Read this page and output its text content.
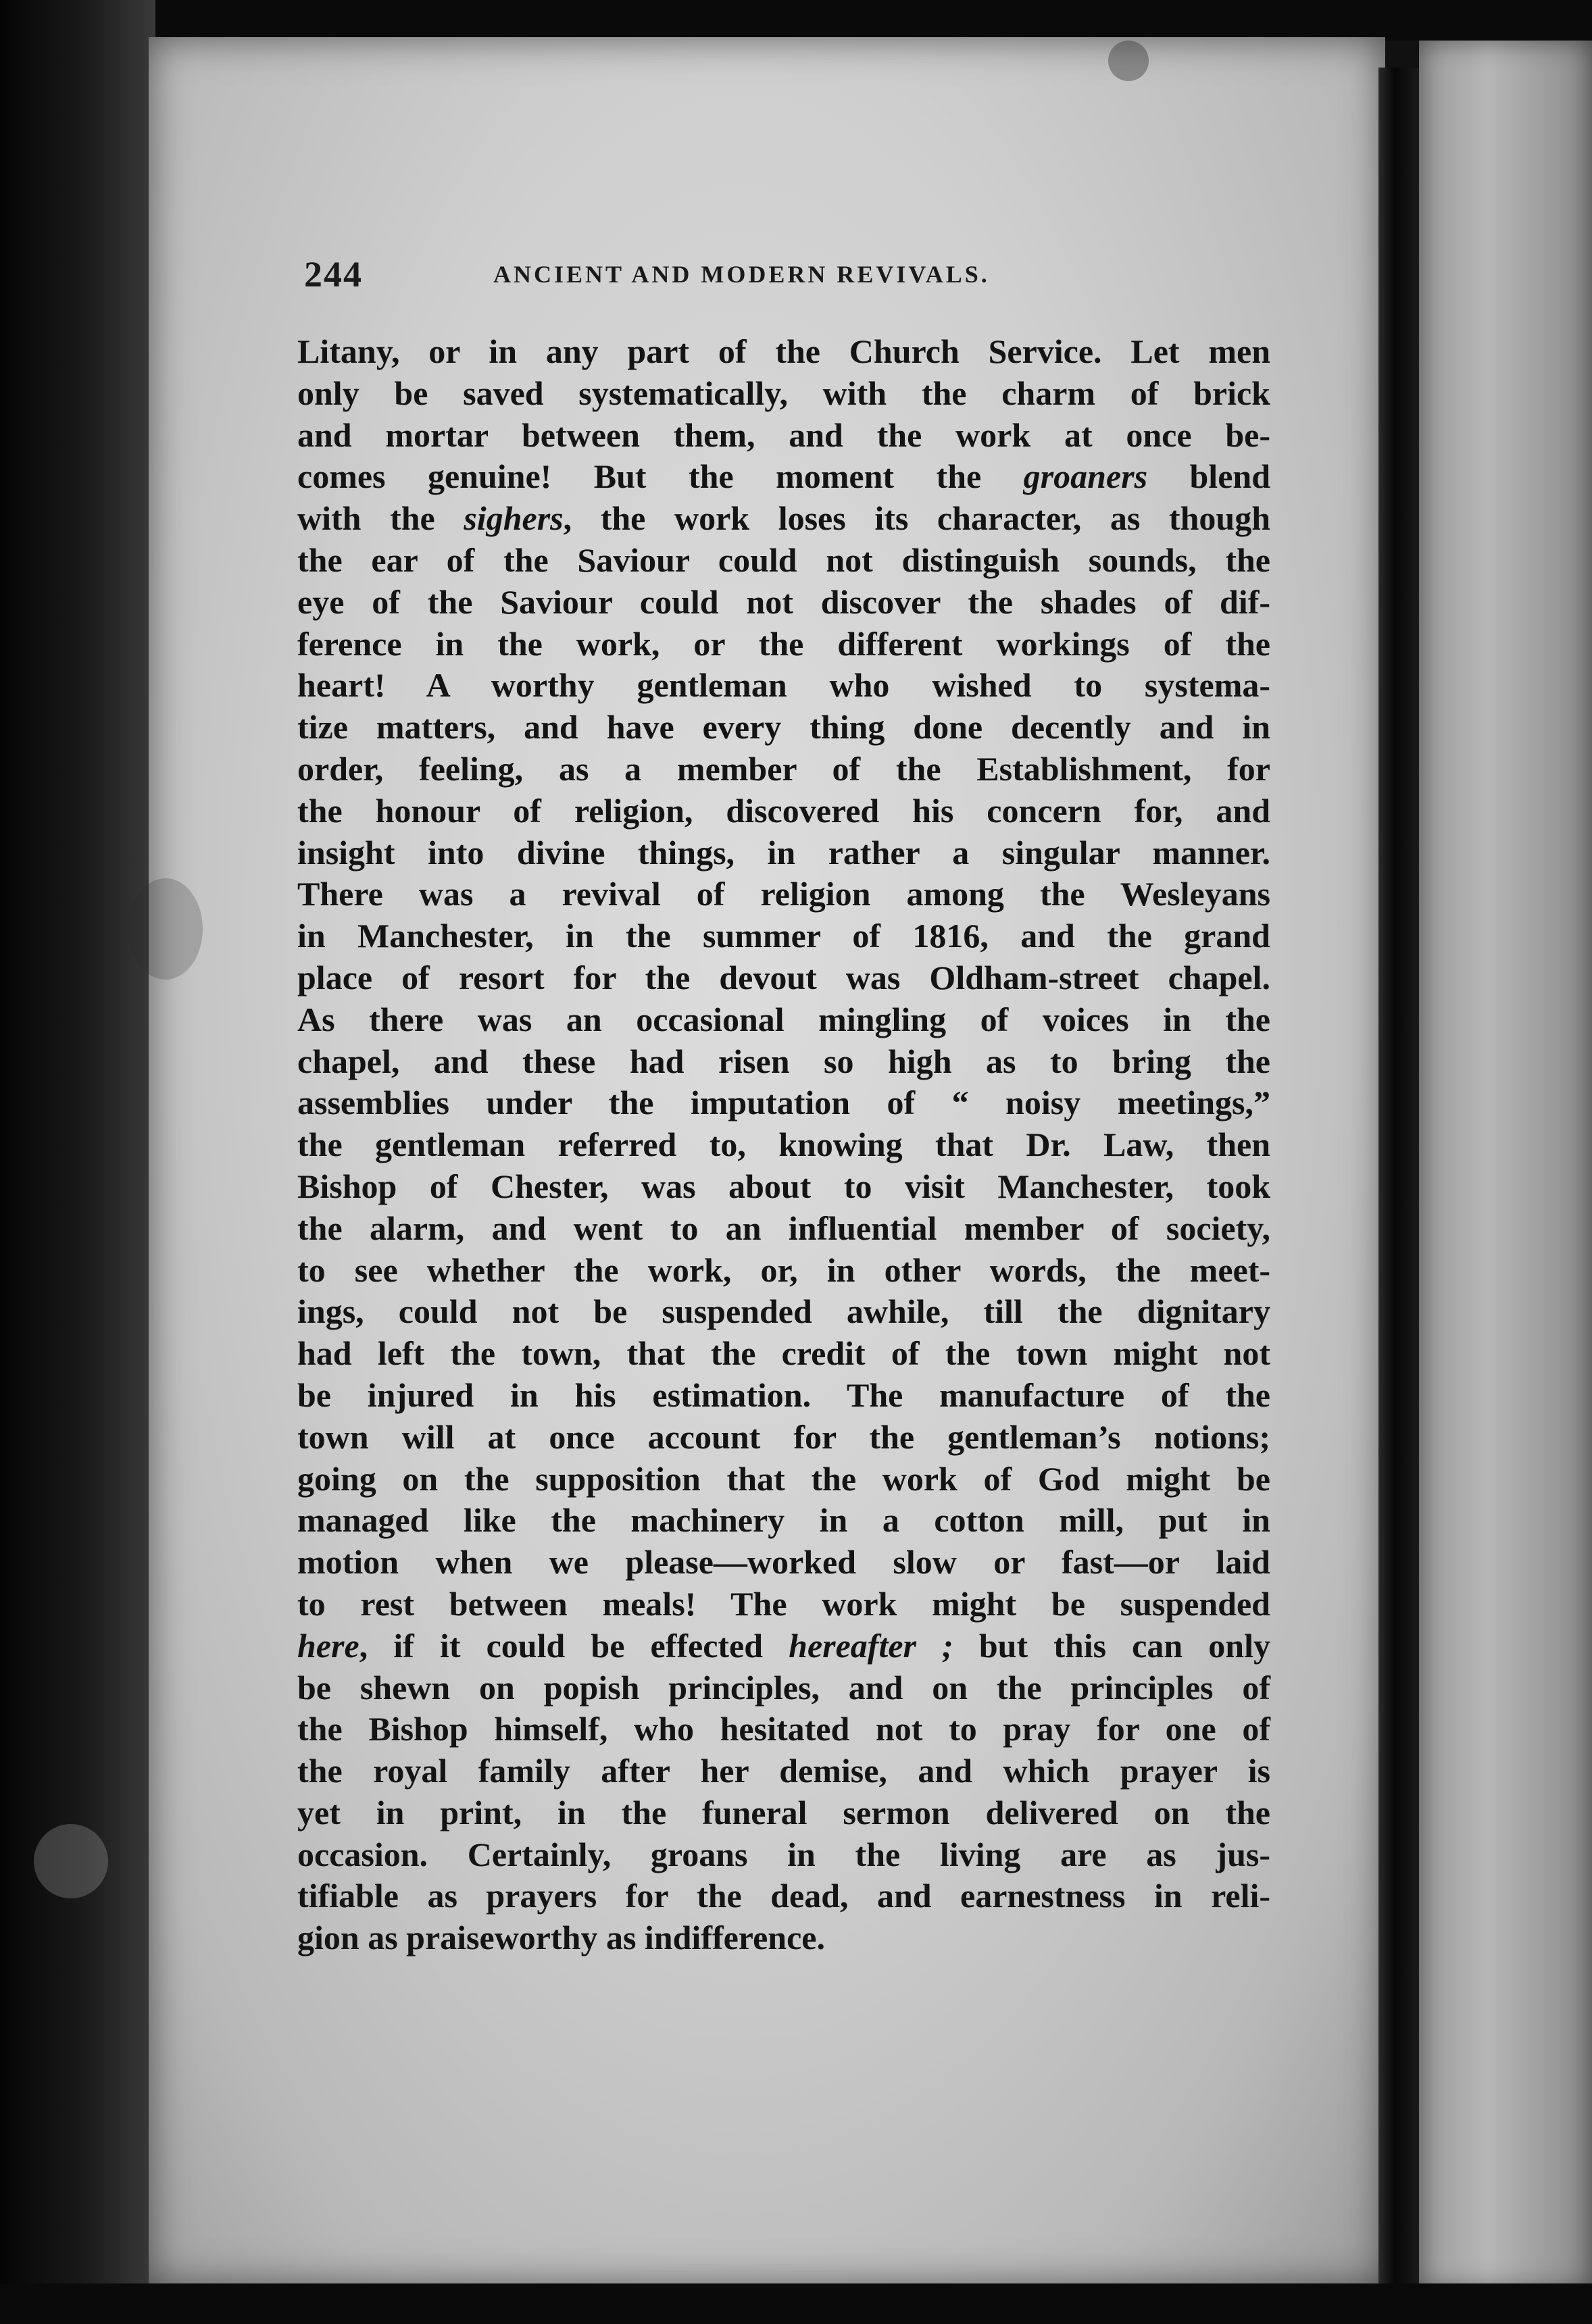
244	ANCIENT AND MODERN REVIVALS.
Litany, or in any part of the Church Service. Let men
only be saved systematically, with the charm of brick
and mortar between them, and the work at once be-
comes genuine! But the moment the groaners blend
with the sighers, the work loses its character, as though
the ear of the Saviour could not distinguish sounds, the
eye of the Saviour could not discover the shades of dif-
ference in the work, or the different workings of the
heart! A worthy gentleman who wished to systema-
tize matters, and have every thing done decently and in
order, feeling, as a member of the Establishment, for
the honour of religion, discovered his concern for, and
insight into divine things, in rather a singular manner.
There was a revival of religion among the Wesleyans
in Manchester, in the summer of 1816, and the grand
place of resort for the devout was Oldham-street chapel.
As there was an occasional mingling of voices in the
chapel, and these had risen so high as to bring the
assemblies under the imputation of “ noisy meetings,”
the gentleman referred to, knowing that Dr. Law, then
Bishop of Chester, was about to visit Manchester, took
the alarm, and went to an influential member of society,
to see whether the work, or, in other words, the meet-
ings, could not be suspended awhile, till the dignitary
had left the town, that the credit of the town might not
be injured in his estimation. The manufacture of the
town will at once account for the gentleman’s notions;
going on the supposition that the work of God might be
managed like the machinery in a cotton mill, put in
motion when we please—worked slow or fast—or laid
to rest between meals! The work might be suspended
here, if it could be effected hereafter ; but this can only
be shewn on popish principles, and on the principles of
the Bishop himself, who hesitated not to pray for one of
the royal family after her demise, and which prayer is
yet in print, in the funeral sermon delivered on the
occasion. Certainly, groans in the living are as jus-
tifiable as prayers for the dead, and earnestness in reli-
gion as praiseworthy as indifference.
